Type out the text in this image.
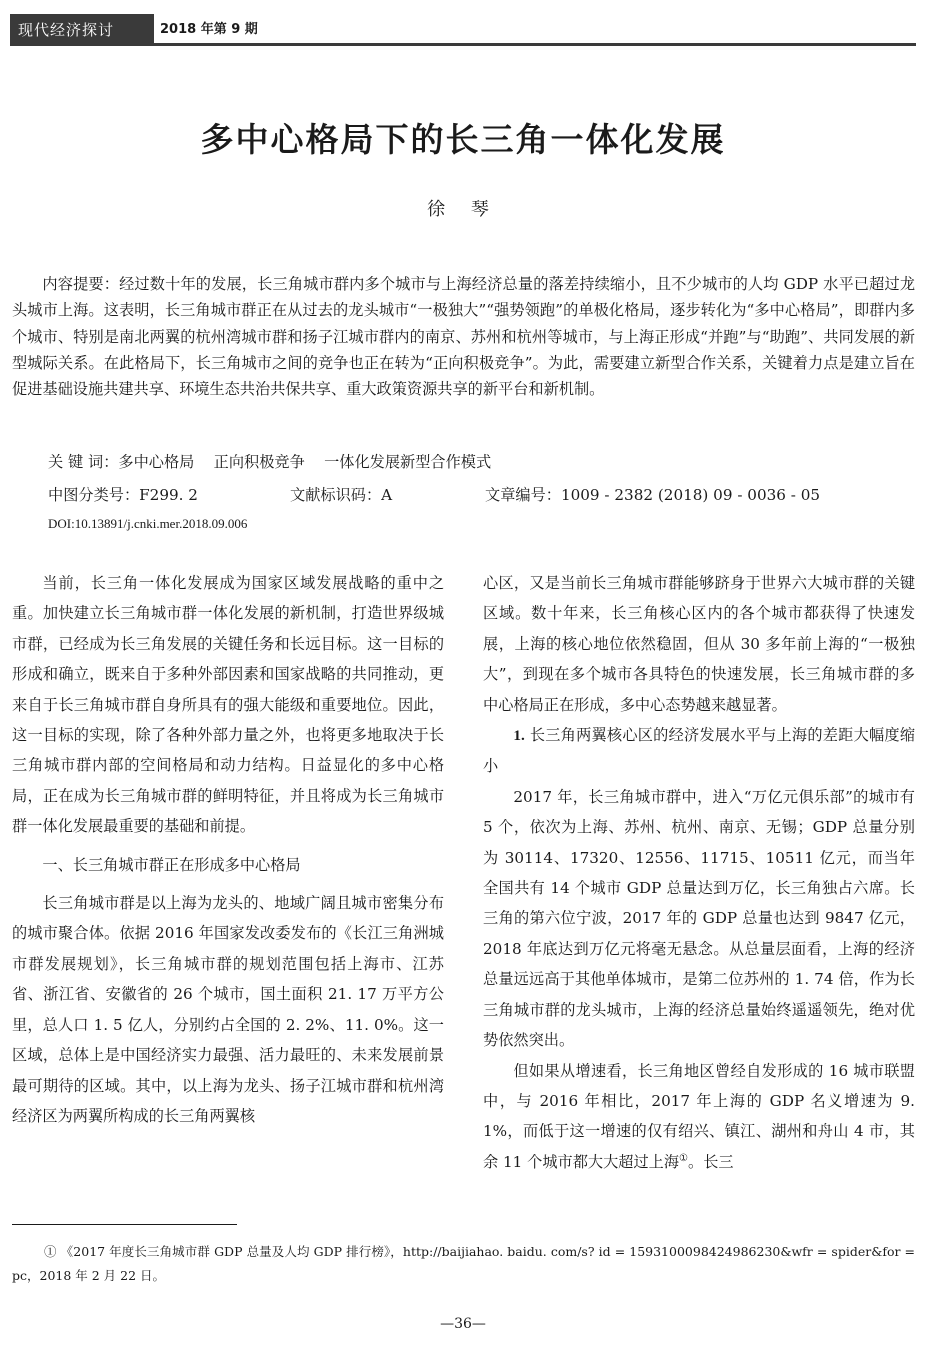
现代经济探讨	2018 年第 9 期
多中心格局下的长三角一体化发展
徐 琴
内容提要：经过数十年的发展，长三角城市群内多个城市与上海经济总量的落差持续缩小，且不少城市的人均 GDP 水平已超过龙头城市上海。这表明，长三角城市群正在从过去的龙头城市“一极独大”“强势领跑”的单极化格局，逐步转化为“多中心格局”，即群内多个城市、特别是南北两翼的杭州湾城市群和扬子江城市群内的南京、苏州和杭州等城市，与上海正形成“并跑”与“助跑”、共同发展的新型城际关系。在此格局下，长三角城市之间的竞争也正在转为“正向积极竞争”。为此，需要建立新型合作关系，关键着力点是建立旨在促进基础设施共建共享、环境生态共治共保共享、重大政策资源共享的新平台和新机制。
关 键 词：多中心格局 正向积极竞争 一体化发展新型合作模式
中图分类号：F299. 2	文献标识码：A	文章编号：1009 - 2382 (2018) 09 - 0036 - 05
DOI:10.13891/j.cnki.mer.2018.09.006

当前，长三角一体化发展成为国家区域发展战略的重中之重。加快建立长三角城市群一体化发展的新机制，打造世界级城市群，已经成为长三角发展的关键任务和长远目标。这一目标的形成和确立，既来自于多种外部因素和国家战略的共同推动，更来自于长三角城市群自身所具有的强大能级和重要地位。因此，这一目标的实现，除了各种外部力量之外，也将更多地取决于长三角城市群内部的空间格局和动力结构。日益显化的多中心格局，正在成为长三角城市群的鲜明特征，并且将成为长三角城市群一体化发展最重要的基础和前提。

一、长三角城市群正在形成多中心格局

长三角城市群是以上海为龙头的、地域广阔且城市密集分布的城市聚合体。依据 2016 年国家发改委发布的《长江三角洲城市群发展规划》，长三角城市群的规划范围包括上海市、江苏省、浙江省、安徽省的 26 个城市，国土面积 21. 17 万平方公里，总人口 1. 5 亿人，分别约占全国的 2. 2%、11. 0%。这一区域，总体上是中国经济实力最强、活力最旺的、未来发展前景最可期待的区域。其中，以上海为龙头、扬子江城市群和杭州湾经济区为两翼所构成的长三角两翼核

心区，又是当前长三角城市群能够跻身于世界六大城市群的关键区域。数十年来，长三角核心区内的各个城市都获得了快速发展，上海的核心地位依然稳固，但从 30 多年前上海的“一极独大”，到现在多个城市各具特色的快速发展，长三角城市群的多中心格局正在形成，多中心态势越来越显著。

1. 长三角两翼核心区的经济发展水平与上海的差距大幅度缩小

2017 年，长三角城市群中，进入“万亿元俱乐部”的城市有 5 个，依次为上海、苏州、杭州、南京、无锡；GDP 总量分别为 30114、17320、12556、11715、10511 亿元，而当年全国共有 14 个城市 GDP 总量达到万亿，长三角独占六席。长三角的第六位宁波，2017 年的 GDP 总量也达到 9847 亿元，2018 年底达到万亿元将毫无悬念。从总量层面看，上海的经济总量远远高于其他单体城市，是第二位苏州的 1. 74 倍，作为长三角城市群的龙头城市，上海的经济总量始终遥遥领先，绝对优势依然突出。

但如果从增速看，长三角地区曾经自发形成的 16 城市联盟中，与 2016 年相比，2017 年上海的 GDP 名义增速为 9. 1%，而低于这一增速的仅有绍兴、镇江、湖州和舟山 4 市，其余 11 个城市都大大超过上海①。长三

① 《2017 年度长三角城市群 GDP 总量及人均 GDP 排行榜》，http://baijiahao. baidu. com/s? id = 1593100098424986230&wfr = spider&for = pc，2018 年 2 月 22 日。
—36—
